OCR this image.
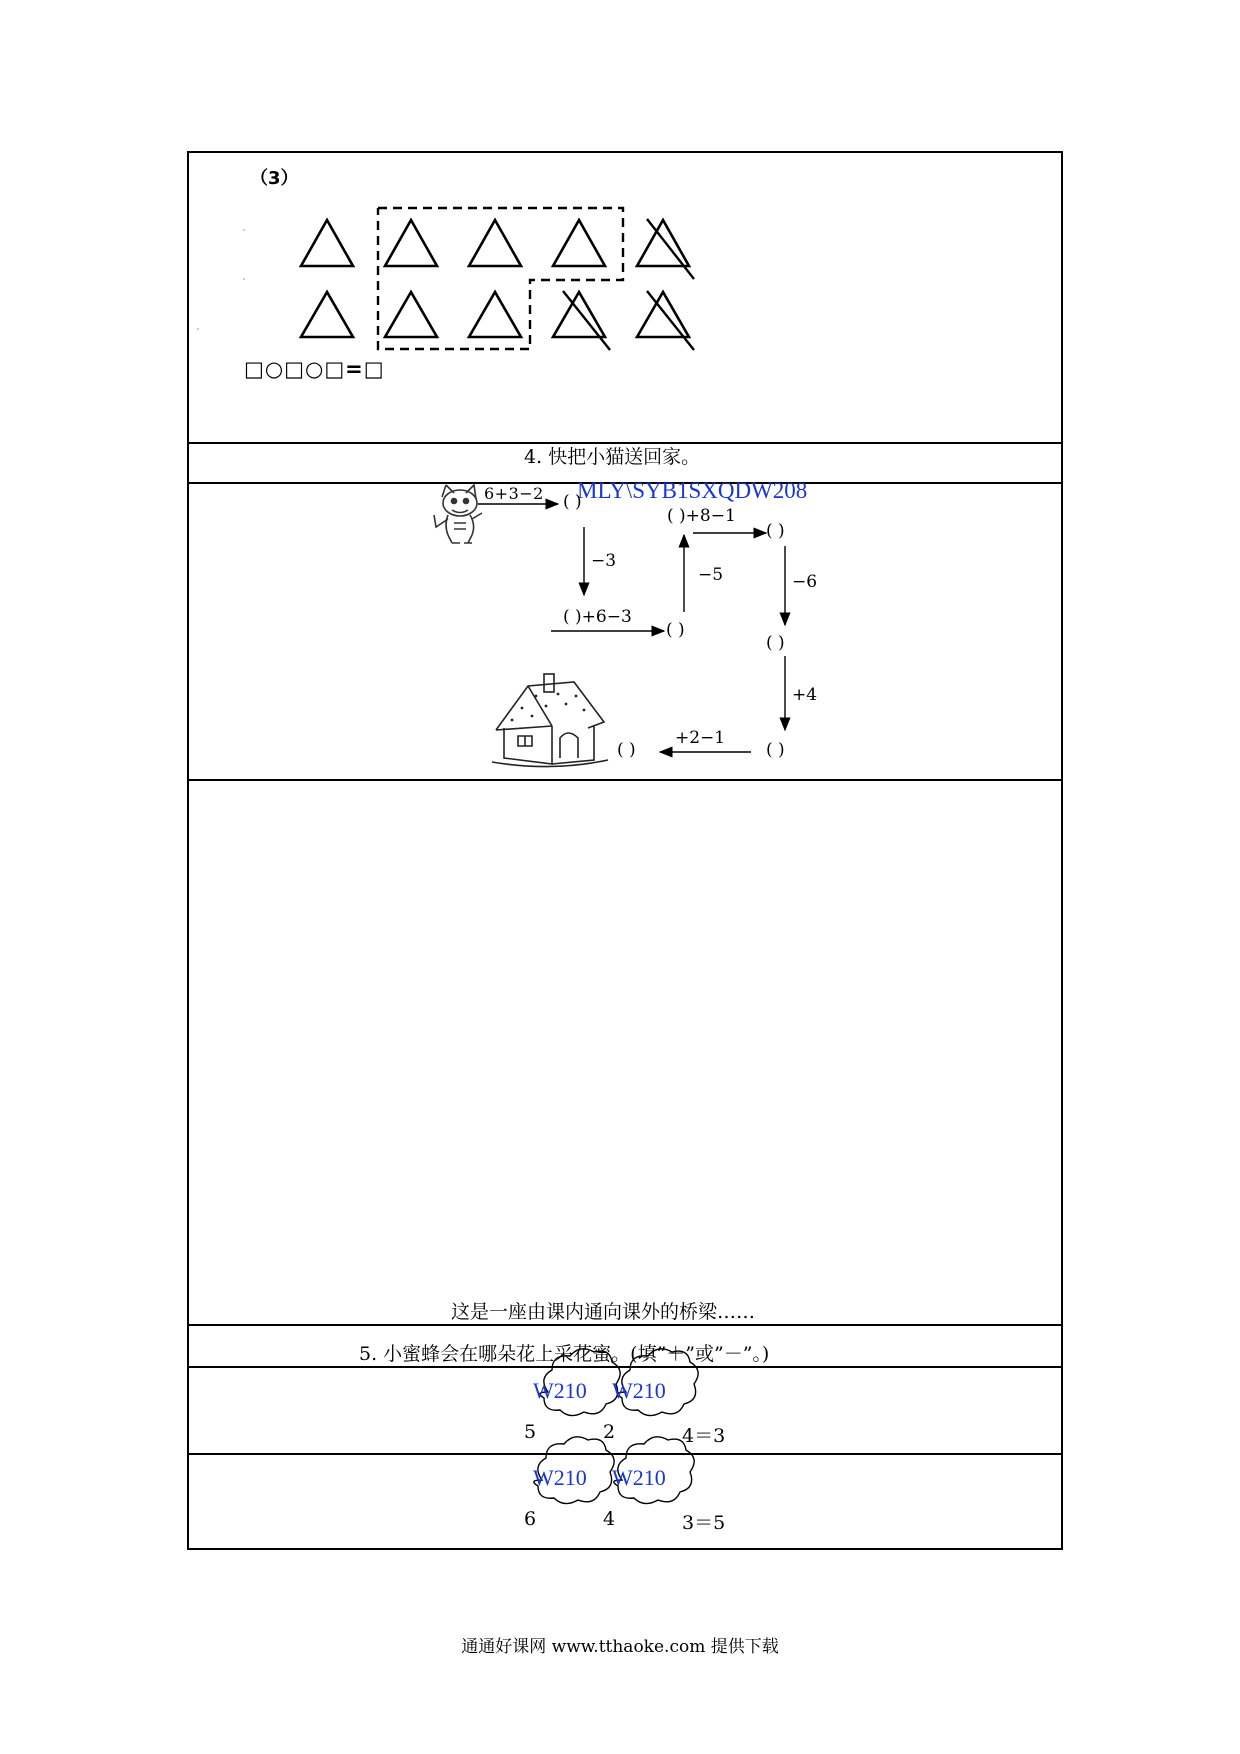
（3）
□○□○□=□
4. 快把小猫送回家。
6+3−2 MLY\SYB1SXQDW208
( )
( )+8−1
( )
−3
−5	−6
( )+6−3
( )
( )
+4
+2−1
( )	( )
这是一座由课内通向课外的桥梁……
5. 小蜜蜂会在哪朵花上采花蜜。(填”＋”或”－”。)
W210 W210
5	2	4＝3
W210 W210
6	4	3＝5
通通好课网 www.tthaoke.com 提供下载
